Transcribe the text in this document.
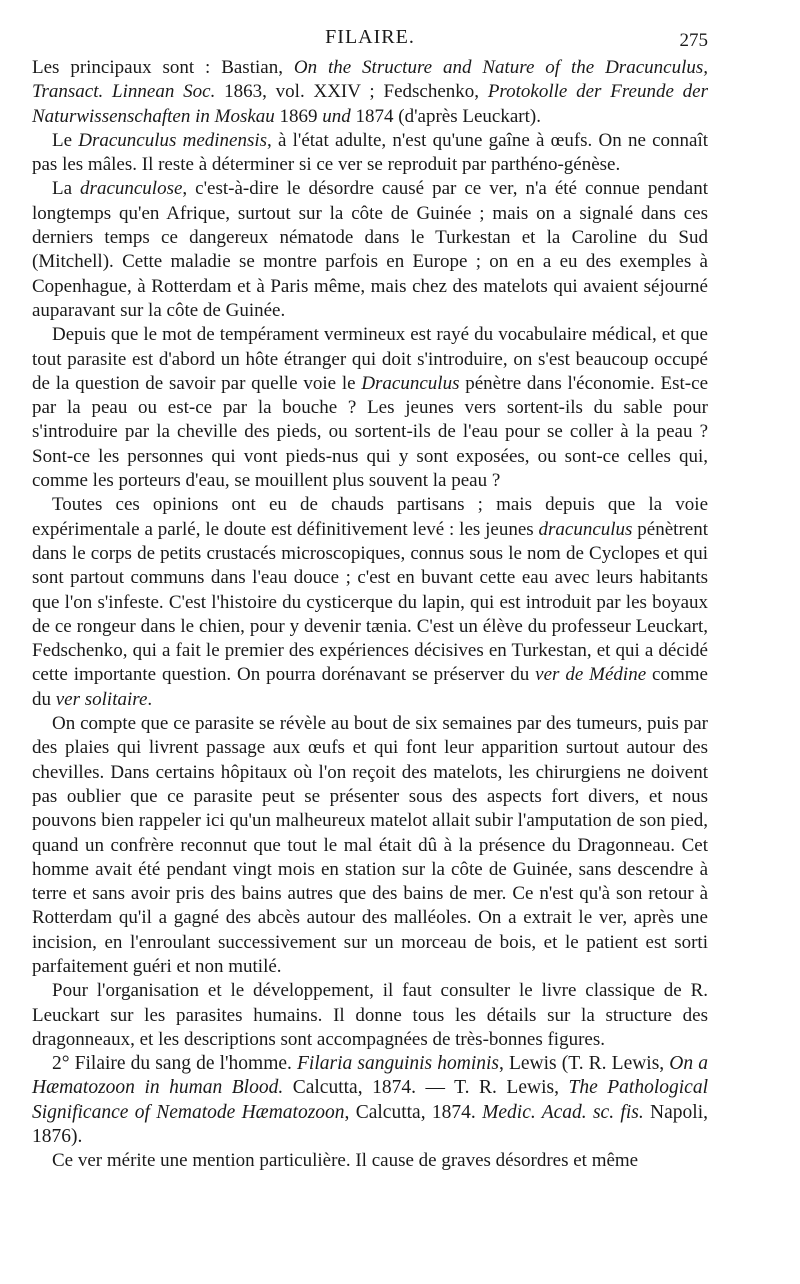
FILAIRE.	275

Les principaux sont : Bastian, On the Structure and Nature of the Dracunculus, Transact. Linnean Soc. 1863, vol. XXIV ; Fedschenko, Protokolle der Freunde der Naturwissenschaften in Moskau 1869 und 1874 (d'après Leuckart).

Le Dracunculus medinensis, à l'état adulte, n'est qu'une gaîne à œufs. On ne connaît pas les mâles. Il reste à déterminer si ce ver se reproduit par parthéno-génèse.

La dracunculose, c'est-à-dire le désordre causé par ce ver, n'a été connue pendant longtemps qu'en Afrique, surtout sur la côte de Guinée ; mais on a signalé dans ces derniers temps ce dangereux nématode dans le Turkestan et la Caroline du Sud (Mitchell). Cette maladie se montre parfois en Europe ; on en a eu des exemples à Copenhague, à Rotterdam et à Paris même, mais chez des matelots qui avaient séjourné auparavant sur la côte de Guinée.

Depuis que le mot de tempérament vermineux est rayé du vocabulaire médical, et que tout parasite est d'abord un hôte étranger qui doit s'introduire, on s'est beaucoup occupé de la question de savoir par quelle voie le Dracunculus pénètre dans l'économie. Est-ce par la peau ou est-ce par la bouche ? Les jeunes vers sortent-ils du sable pour s'introduire par la cheville des pieds, ou sortent-ils de l'eau pour se coller à la peau ? Sont-ce les personnes qui vont pieds-nus qui y sont exposées, ou sont-ce celles qui, comme les porteurs d'eau, se mouillent plus souvent la peau ?

Toutes ces opinions ont eu de chauds partisans ; mais depuis que la voie expérimentale a parlé, le doute est définitivement levé : les jeunes dracunculus pénètrent dans le corps de petits crustacés microscopiques, connus sous le nom de Cyclopes et qui sont partout communs dans l'eau douce ; c'est en buvant cette eau avec leurs habitants que l'on s'infeste. C'est l'histoire du cysticerque du lapin, qui est introduit par les boyaux de ce rongeur dans le chien, pour y devenir tænia. C'est un élève du professeur Leuckart, Fedschenko, qui a fait le premier des expériences décisives en Turkestan, et qui a décidé cette importante question. On pourra dorénavant se préserver du ver de Médine comme du ver solitaire.

On compte que ce parasite se révèle au bout de six semaines par des tumeurs, puis par des plaies qui livrent passage aux œufs et qui font leur apparition surtout autour des chevilles. Dans certains hôpitaux où l'on reçoit des matelots, les chirurgiens ne doivent pas oublier que ce parasite peut se présenter sous des aspects fort divers, et nous pouvons bien rappeler ici qu'un malheureux matelot allait subir l'amputation de son pied, quand un confrère reconnut que tout le mal était dû à la présence du Dragonneau. Cet homme avait été pendant vingt mois en station sur la côte de Guinée, sans descendre à terre et sans avoir pris des bains autres que des bains de mer. Ce n'est qu'à son retour à Rotterdam qu'il a gagné des abcès autour des malléoles. On a extrait le ver, après une incision, en l'enroulant successivement sur un morceau de bois, et le patient est sorti parfaitement guéri et non mutilé.

Pour l'organisation et le développement, il faut consulter le livre classique de R. Leuckart sur les parasites humains. Il donne tous les détails sur la structure des dragonneaux, et les descriptions sont accompagnées de très-bonnes figures.

2° Filaire du sang de l'homme. Filaria sanguinis hominis, Lewis (T. R. Lewis, On a Hæmatozoon in human Blood. Calcutta, 1874. — T. R. Lewis, The Pathological Significance of Nematode Hæmatozoon, Calcutta, 1874. Medic. Acad. sc. fis. Napoli, 1876).

Ce ver mérite une mention particulière. Il cause de graves désordres et même
